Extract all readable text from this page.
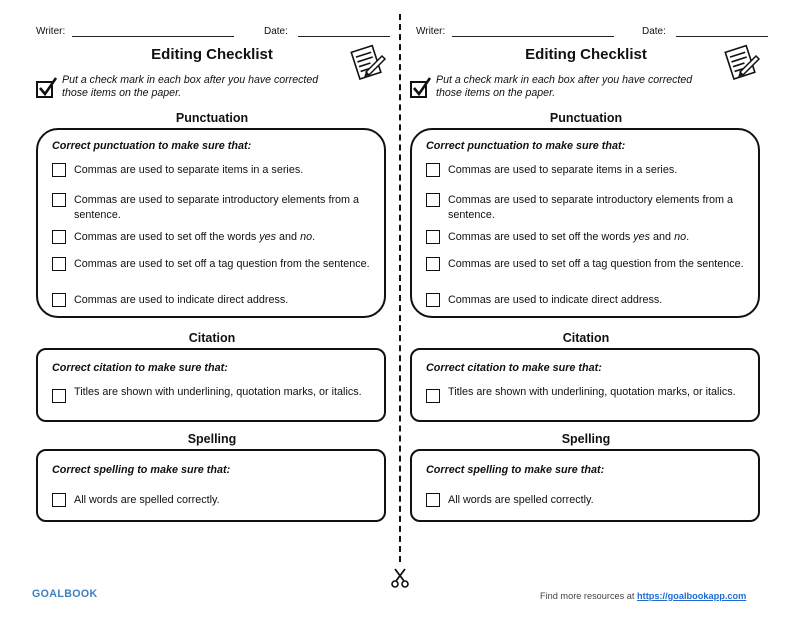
Writer:	Date:
Editing Checklist
Put a check mark in each box after you have corrected those items on the paper.
Punctuation
Correct punctuation to make sure that:
Commas are used to separate items in a series.
Commas are used to separate introductory elements from a sentence.
Commas are used to set off the words yes and no.
Commas are used to set off a tag question from the sentence.
Commas are used to indicate direct address.
Citation
Correct citation to make sure that:
Titles are shown with underlining, quotation marks, or italics.
Spelling
Correct spelling to make sure that:
All words are spelled correctly.
Writer:	Date:
Editing Checklist
Put a check mark in each box after you have corrected those items on the paper.
Punctuation
Correct punctuation to make sure that:
Commas are used to separate items in a series.
Commas are used to separate introductory elements from a sentence.
Commas are used to set off the words yes and no.
Commas are used to set off a tag question from the sentence.
Commas are used to indicate direct address.
Citation
Correct citation to make sure that:
Titles are shown with underlining, quotation marks, or italics.
Spelling
Correct spelling to make sure that:
All words are spelled correctly.
GOALBOOK	Find more resources at https://goalbookapp.com
